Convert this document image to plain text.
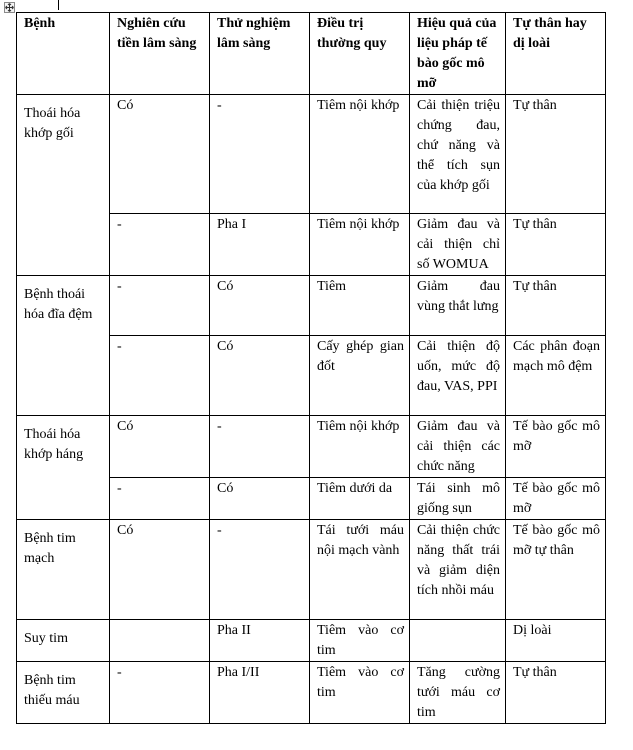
Bệnh	Nghiên cứu tiền lâm sàng	Thử nghiệm lâm sàng	Điều trị thường quy	Hiệu quả của liệu pháp tế bào gốc mô mỡ	Tự thân hay dị loài
Thoái hóa khớp gối	Có	-	Tiêm nội khớp	Cải thiện triệu chứng đau, chứ năng và thể tích sụn của khớp gối	Tự thân
	-	Pha I	Tiêm nội khớp	Giảm đau và cải thiện chỉ số WOMUA	Tự thân
Bệnh thoái hóa đĩa đệm	-	Có	Tiêm	Giảm đau vùng thắt lưng	Tự thân
	-	Có	Cấy ghép gian đốt	Cải thiện độ uốn, mức độ đau, VAS, PPI	Các phân đoạn mạch mô đệm
Thoái hóa khớp háng	Có	-	Tiêm nội khớp	Giảm đau và cải thiện các chức năng	Tế bào gốc mô mỡ
	-	Có	Tiêm dưới da	Tái sinh mô giống sụn	Tế bào gốc mô mỡ
Bệnh tim mạch	Có	-	Tái tưới máu nội mạch vành	Cải thiện chức năng thất trái và giảm diện tích nhồi máu	Tế bào gốc mô mỡ tự thân
Suy tim		Pha II	Tiêm vào cơ tim		Dị loài
Bệnh tim thiếu máu	-	Pha I/II	Tiêm vào cơ tim	Tăng cường tưới máu cơ tim	Tự thân
